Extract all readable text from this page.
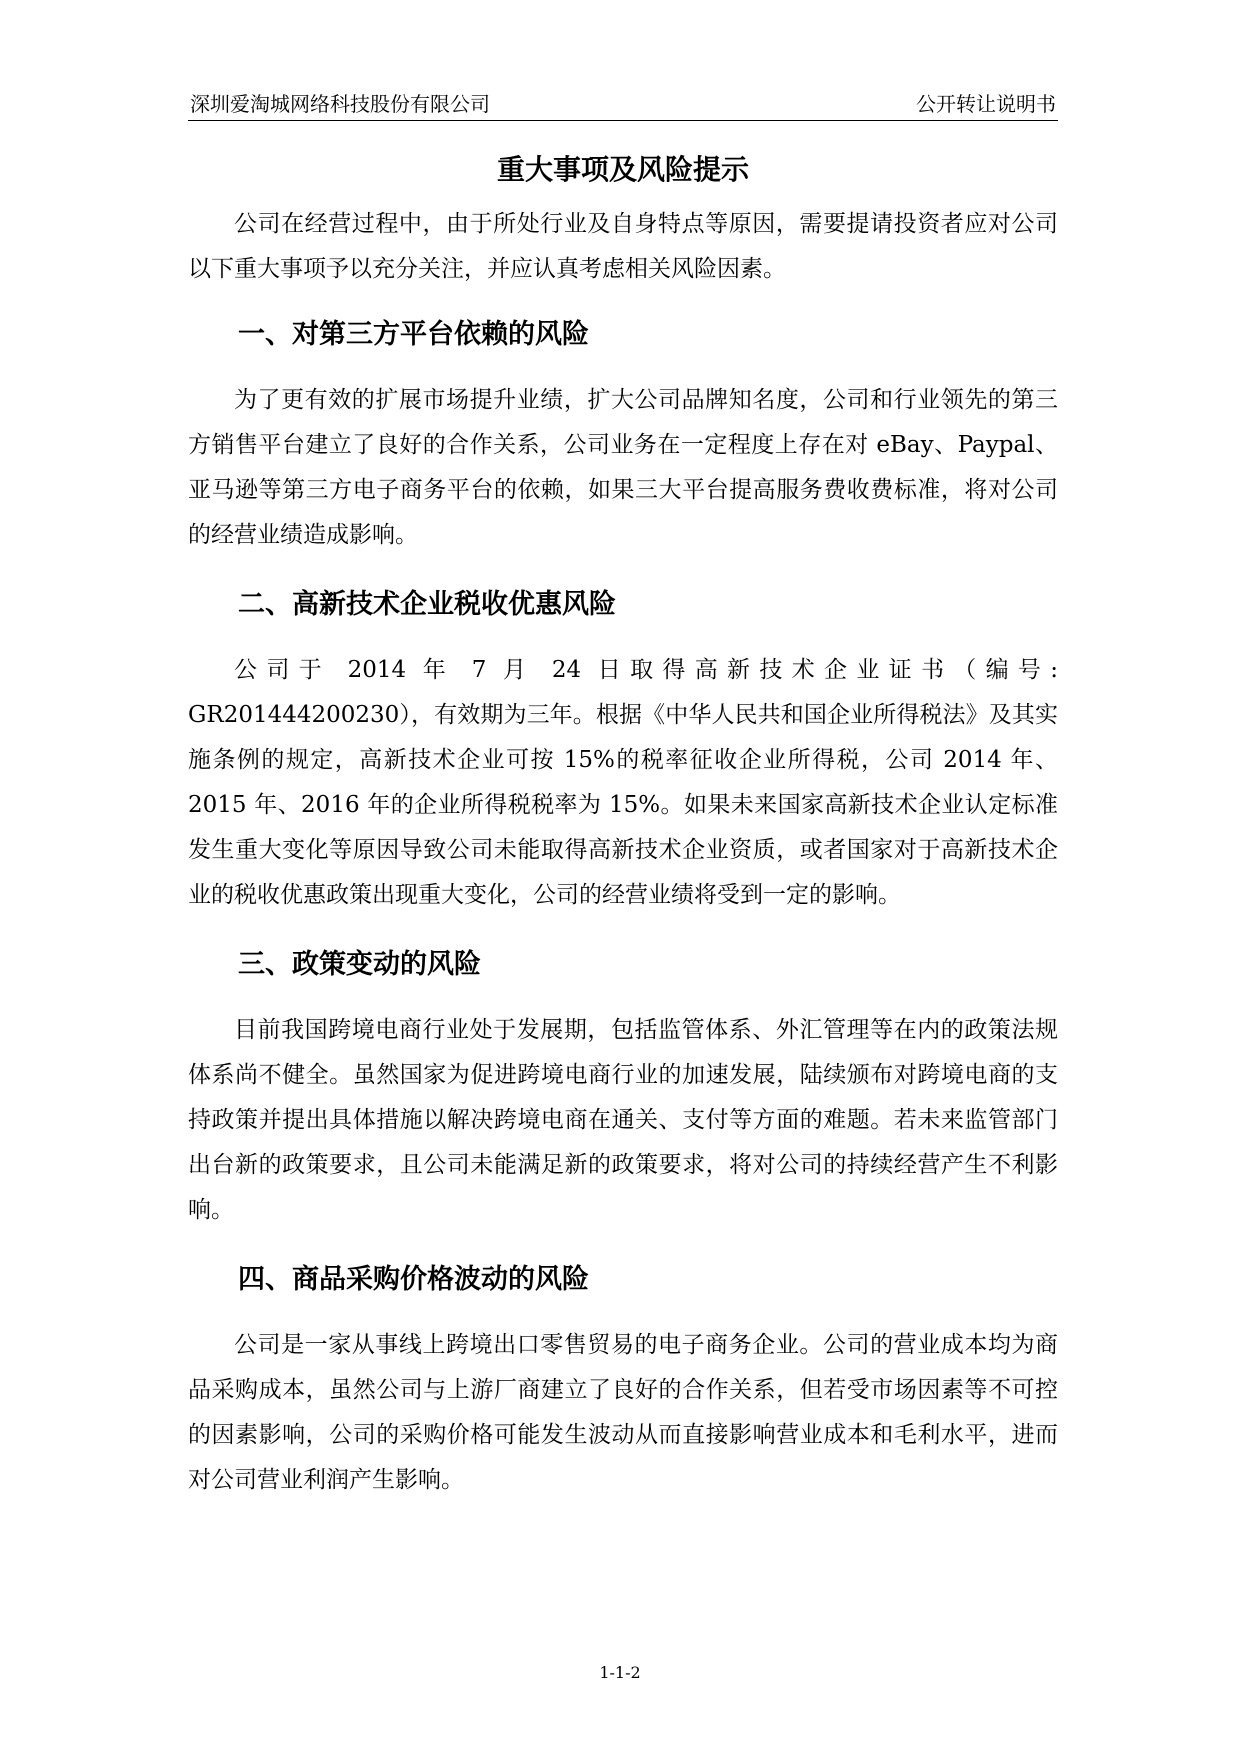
深圳爱淘城网络科技股份有限公司	公开转让说明书
重大事项及风险提示

公司在经营过程中，由于所处行业及自身特点等原因，需要提请投资者应对公司以下重大事项予以充分关注，并应认真考虑相关风险因素。

一、对第三方平台依赖的风险

为了更有效的扩展市场提升业绩，扩大公司品牌知名度，公司和行业领先的第三方销售平台建立了良好的合作关系，公司业务在一定程度上存在对 eBay、Paypal、亚马逊等第三方电子商务平台的依赖，如果三大平台提高服务费收费标准，将对公司的经营业绩造成影响。

二、高新技术企业税收优惠风险

公司于 2014 年 7 月 24 日取得高新技术企业证书（编号: GR201444200230），有效期为三年。根据《中华人民共和国企业所得税法》及其实施条例的规定，高新技术企业可按 15%的税率征收企业所得税，公司 2014 年、2015 年、2016 年的企业所得税税率为 15%。如果未来国家高新技术企业认定标准发生重大变化等原因导致公司未能取得高新技术企业资质，或者国家对于高新技术企业的税收优惠政策出现重大变化，公司的经营业绩将受到一定的影响。

三、政策变动的风险

目前我国跨境电商行业处于发展期，包括监管体系、外汇管理等在内的政策法规体系尚不健全。虽然国家为促进跨境电商行业的加速发展，陆续颁布对跨境电商的支持政策并提出具体措施以解决跨境电商在通关、支付等方面的难题。若未来监管部门出台新的政策要求，且公司未能满足新的政策要求，将对公司的持续经营产生不利影响。

四、商品采购价格波动的风险

公司是一家从事线上跨境出口零售贸易的电子商务企业。公司的营业成本均为商品采购成本，虽然公司与上游厂商建立了良好的合作关系，但若受市场因素等不可控的因素影响，公司的采购价格可能发生波动从而直接影响营业成本和毛利水平，进而对公司营业利润产生影响。

1-1-2
